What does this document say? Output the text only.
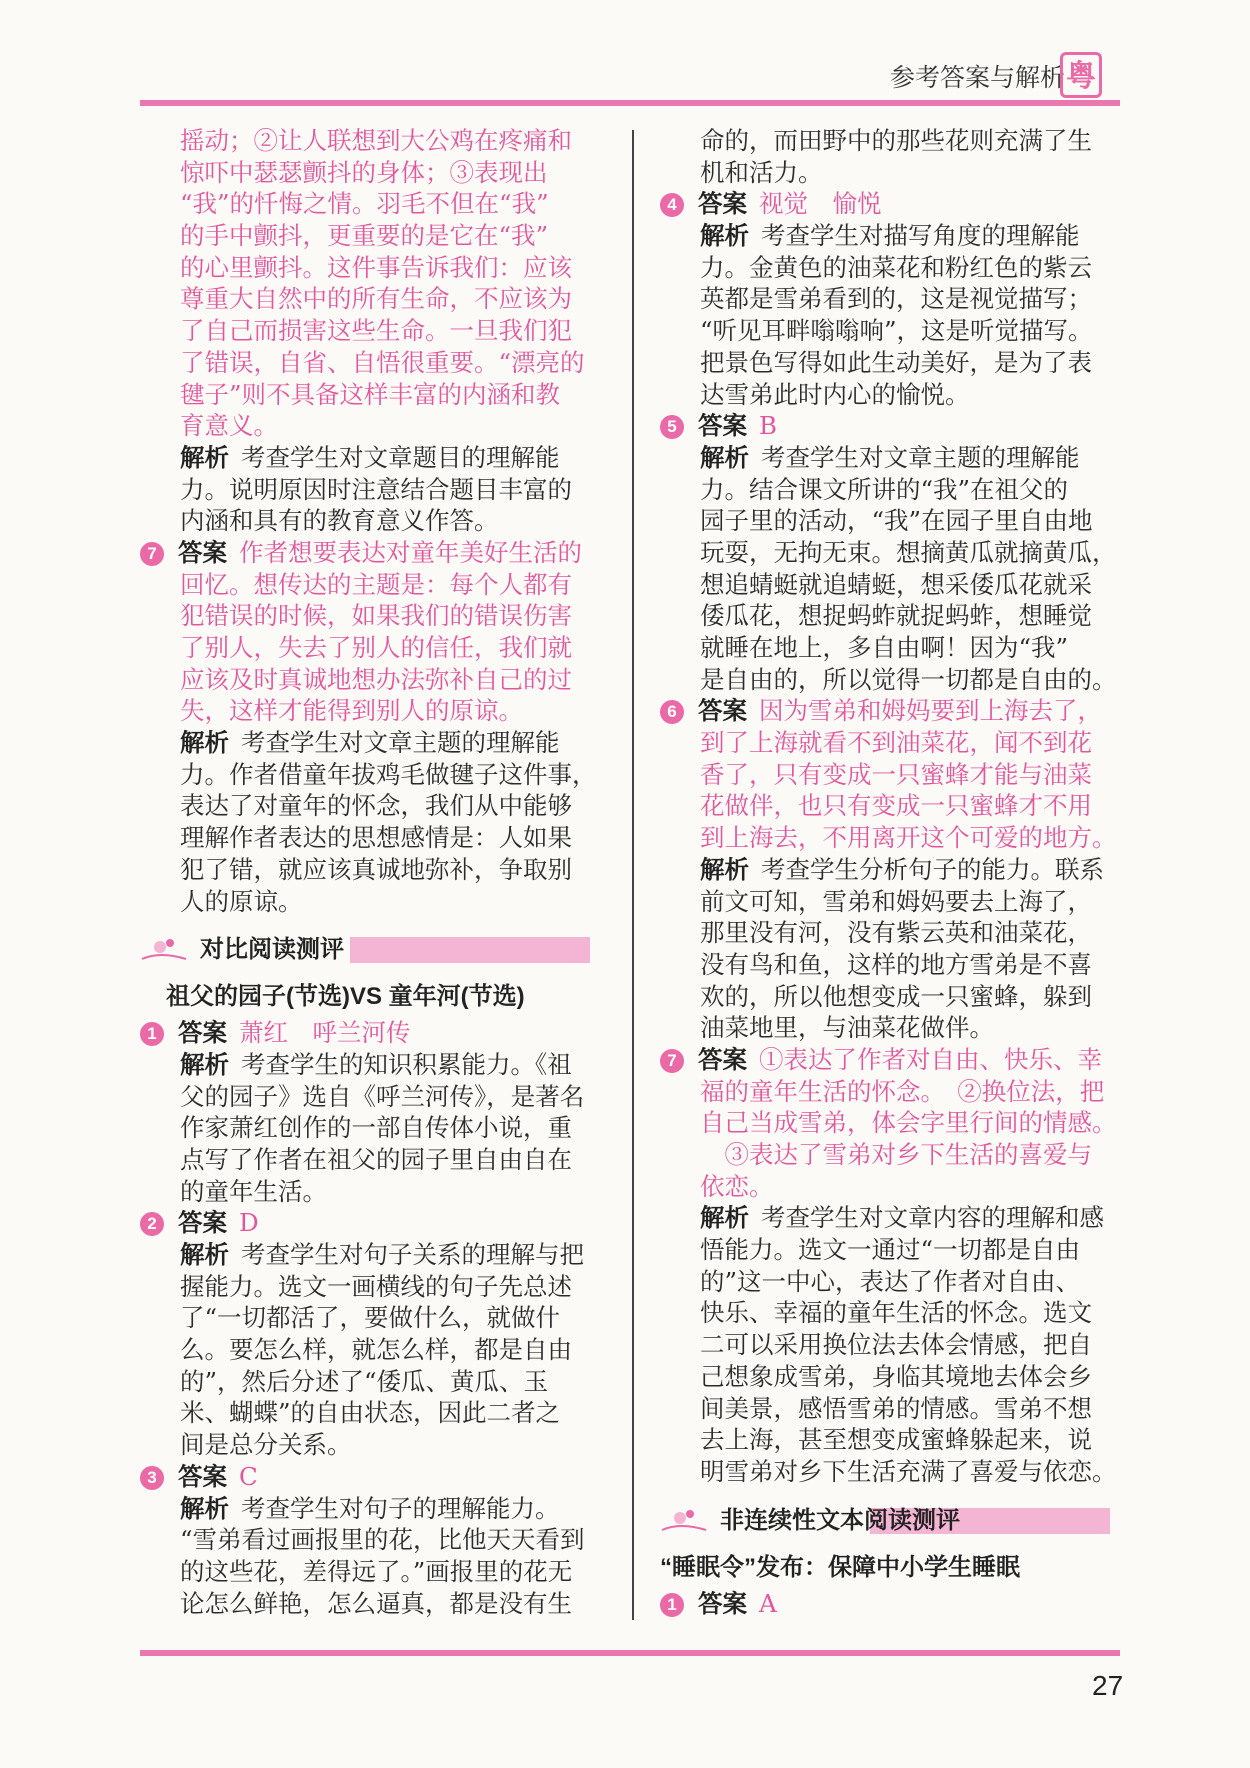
参考答案与解析 粤
摇动；②让人联想到大公鸡在疼痛和
惊吓中瑟瑟颤抖的身体；③表现出
“我”的忏悔之情。羽毛不但在“我”
的手中颤抖，更重要的是它在“我”
的心里颤抖。这件事告诉我们：应该
尊重大自然中的所有生命，不应该为
了自己而损害这些生命。一旦我们犯
了错误，自省、自悟很重要。“漂亮的
毽子”则不具备这样丰富的内涵和教
育意义。
解析 考查学生对文章题目的理解能
力。说明原因时注意结合题目丰富的
内涵和具有的教育意义作答。
7 答案 作者想要表达对童年美好生活的
回忆。想传达的主题是：每个人都有
犯错误的时候，如果我们的错误伤害
了别人，失去了别人的信任，我们就
应该及时真诚地想办法弥补自己的过
失，这样才能得到别人的原谅。
解析 考查学生对文章主题的理解能
力。作者借童年拔鸡毛做毽子这件事，
表达了对童年的怀念，我们从中能够
理解作者表达的思想感情是：人如果
犯了错，就应该真诚地弥补，争取别
人的原谅。
对比阅读测评
祖父的园子(节选)VS 童年河(节选)
1 答案 萧红　呼兰河传
解析 考查学生的知识积累能力。《祖
父的园子》选自《呼兰河传》，是著名
作家萧红创作的一部自传体小说，重
点写了作者在祖父的园子里自由自在
的童年生活。
2 答案 D
解析 考查学生对句子关系的理解与把
握能力。选文一画横线的句子先总述
了“一切都活了，要做什么，就做什
么。要怎么样，就怎么样，都是自由
的”，然后分述了“倭瓜、黄瓜、玉
米、蝴蝶”的自由状态，因此二者之
间是总分关系。
3 答案 C
解析 考查学生对句子的理解能力。
“雪弟看过画报里的花，比他天天看到
的这些花，差得远了。”画报里的花无
论怎么鲜艳，怎么逼真，都是没有生
命的，而田野中的那些花则充满了生
机和活力。
4 答案 视觉　愉悦
解析 考查学生对描写角度的理解能
力。金黄色的油菜花和粉红色的紫云
英都是雪弟看到的，这是视觉描写；
“听见耳畔嗡嗡响”，这是听觉描写。
把景色写得如此生动美好，是为了表
达雪弟此时内心的愉悦。
5 答案 B
解析 考查学生对文章主题的理解能
力。结合课文所讲的“我”在祖父的
园子里的活动，“我”在园子里自由地
玩耍，无拘无束。想摘黄瓜就摘黄瓜，
想追蜻蜓就追蜻蜓，想采倭瓜花就采
倭瓜花，想捉蚂蚱就捉蚂蚱，想睡觉
就睡在地上，多自由啊！因为“我”
是自由的，所以觉得一切都是自由的。
6 答案 因为雪弟和姆妈要到上海去了，
到了上海就看不到油菜花，闻不到花
香了，只有变成一只蜜蜂才能与油菜
花做伴，也只有变成一只蜜蜂才不用
到上海去，不用离开这个可爱的地方。
解析 考查学生分析句子的能力。联系
前文可知，雪弟和姆妈要去上海了，
那里没有河，没有紫云英和油菜花，
没有鸟和鱼，这样的地方雪弟是不喜
欢的，所以他想变成一只蜜蜂，躲到
油菜地里，与油菜花做伴。
7 答案 ①表达了作者对自由、快乐、幸
福的童年生活的怀念。　②换位法，把
自己当成雪弟，体会字里行间的情感。
　③表达了雪弟对乡下生活的喜爱与
依恋。
解析 考查学生对文章内容的理解和感
悟能力。选文一通过“一切都是自由
的”这一中心，表达了作者对自由、
快乐、幸福的童年生活的怀念。选文
二可以采用换位法去体会情感，把自
己想象成雪弟，身临其境地去体会乡
间美景，感悟雪弟的情感。雪弟不想
去上海，甚至想变成蜜蜂躲起来，说
明雪弟对乡下生活充满了喜爱与依恋。
非连续性文本阅读测评
“睡眠令”发布：保障中小学生睡眠
1 答案 A
27
